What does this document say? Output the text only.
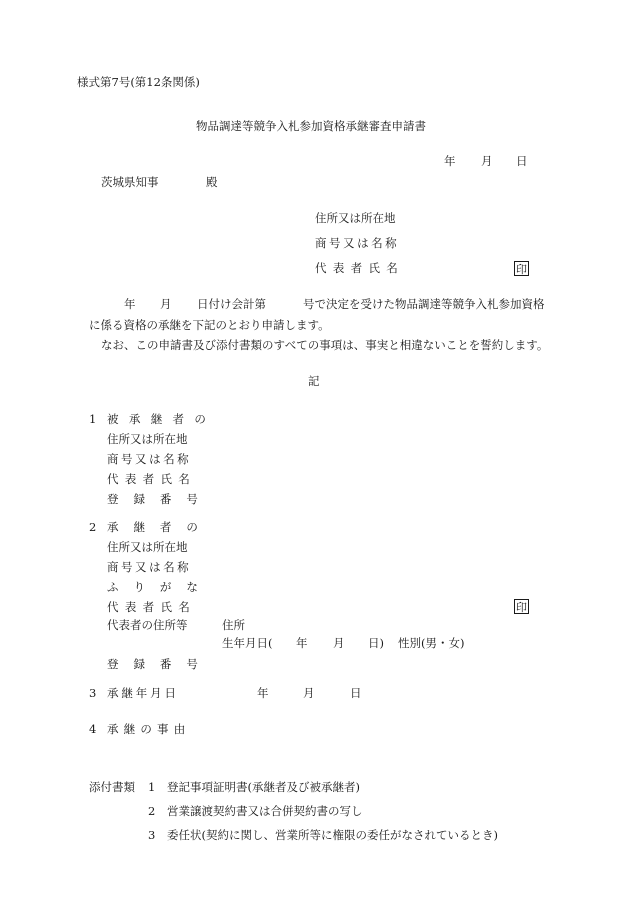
様式第7号(第12条関係)
物品調達等競争入札参加資格承継審査申請書
年 月 日
茨城県知事	殿
住所又は所在地
商号又は名称
代表者氏名	印
年 月 日付け会計第	号で決定を受けた物品調達等競争入札参加資格
に係る資格の承継を下記のとおり申請します。
なお、この申請書及び添付書類のすべての事項は、事実と相違ないことを誓約します。
記
1 被承継者の
住所又は所在地
商号又は名称
代表者氏名
登録番号
2 承継者の
住所又は所在地
商号又は名称
ふりがな
代表者氏名	印
代表者の住所等	住所
生年月日( 年 月 日) 性別(男・女)
登録番号
3 承継年月日	年	月	日
4 承継の事由
添付書類 1 登記事項証明書(承継者及び被承継者)
2 営業譲渡契約書又は合併契約書の写し
3 委任状(契約に関し、営業所等に権限の委任がなされているとき)
